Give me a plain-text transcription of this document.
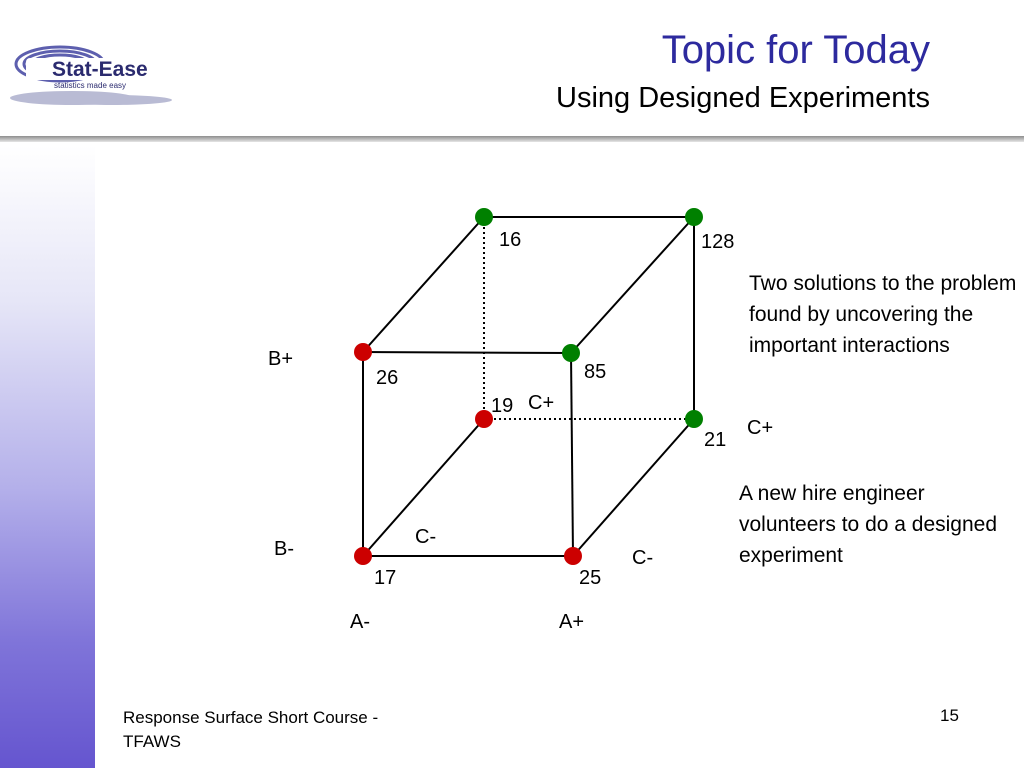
Stat-Ease
statistics made easy
Topic for Today
Using Designed Experiments
16	128
26	85
19
21
17	25
B+
B-
A-	A+
C+
C+
C-
C-

Two solutions to the problem found by uncovering the important interactions

A new hire engineer volunteers to do a designed experiment

Response Surface Short Course - TFAWS
15
